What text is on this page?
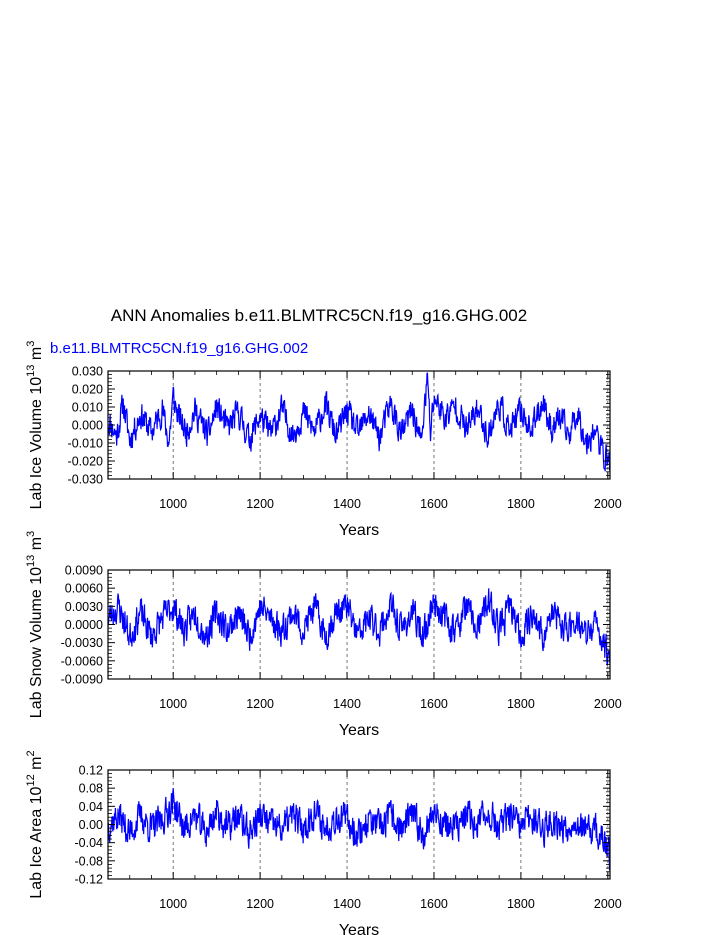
ANN Anomalies b.e11.BLMTRC5CN.f19_g16.GHG.002
b.e11.BLMTRC5CN.f19_g16.GHG.002
0.030
0.020
0.010
0.000
-0.010
-0.020
-0.030
1000	1200	1400	1600	1800	2000
Years
Lab Ice Volume $10^{13}$ $m^3$
0.0090
0.0060
0.0030
0.0000
-0.0030
-0.0060
-0.0090
1000	1200	1400	1600	1800	2000
Years
Lab Snow Volume $10^{13}$ $m^3$
0.12
0.08
0.04
0.00
-0.04
-0.08
-0.12
1000	1200	1400	1600	1800	2000
Years
Lab Ice Area $10^{12}$ $m^2$
